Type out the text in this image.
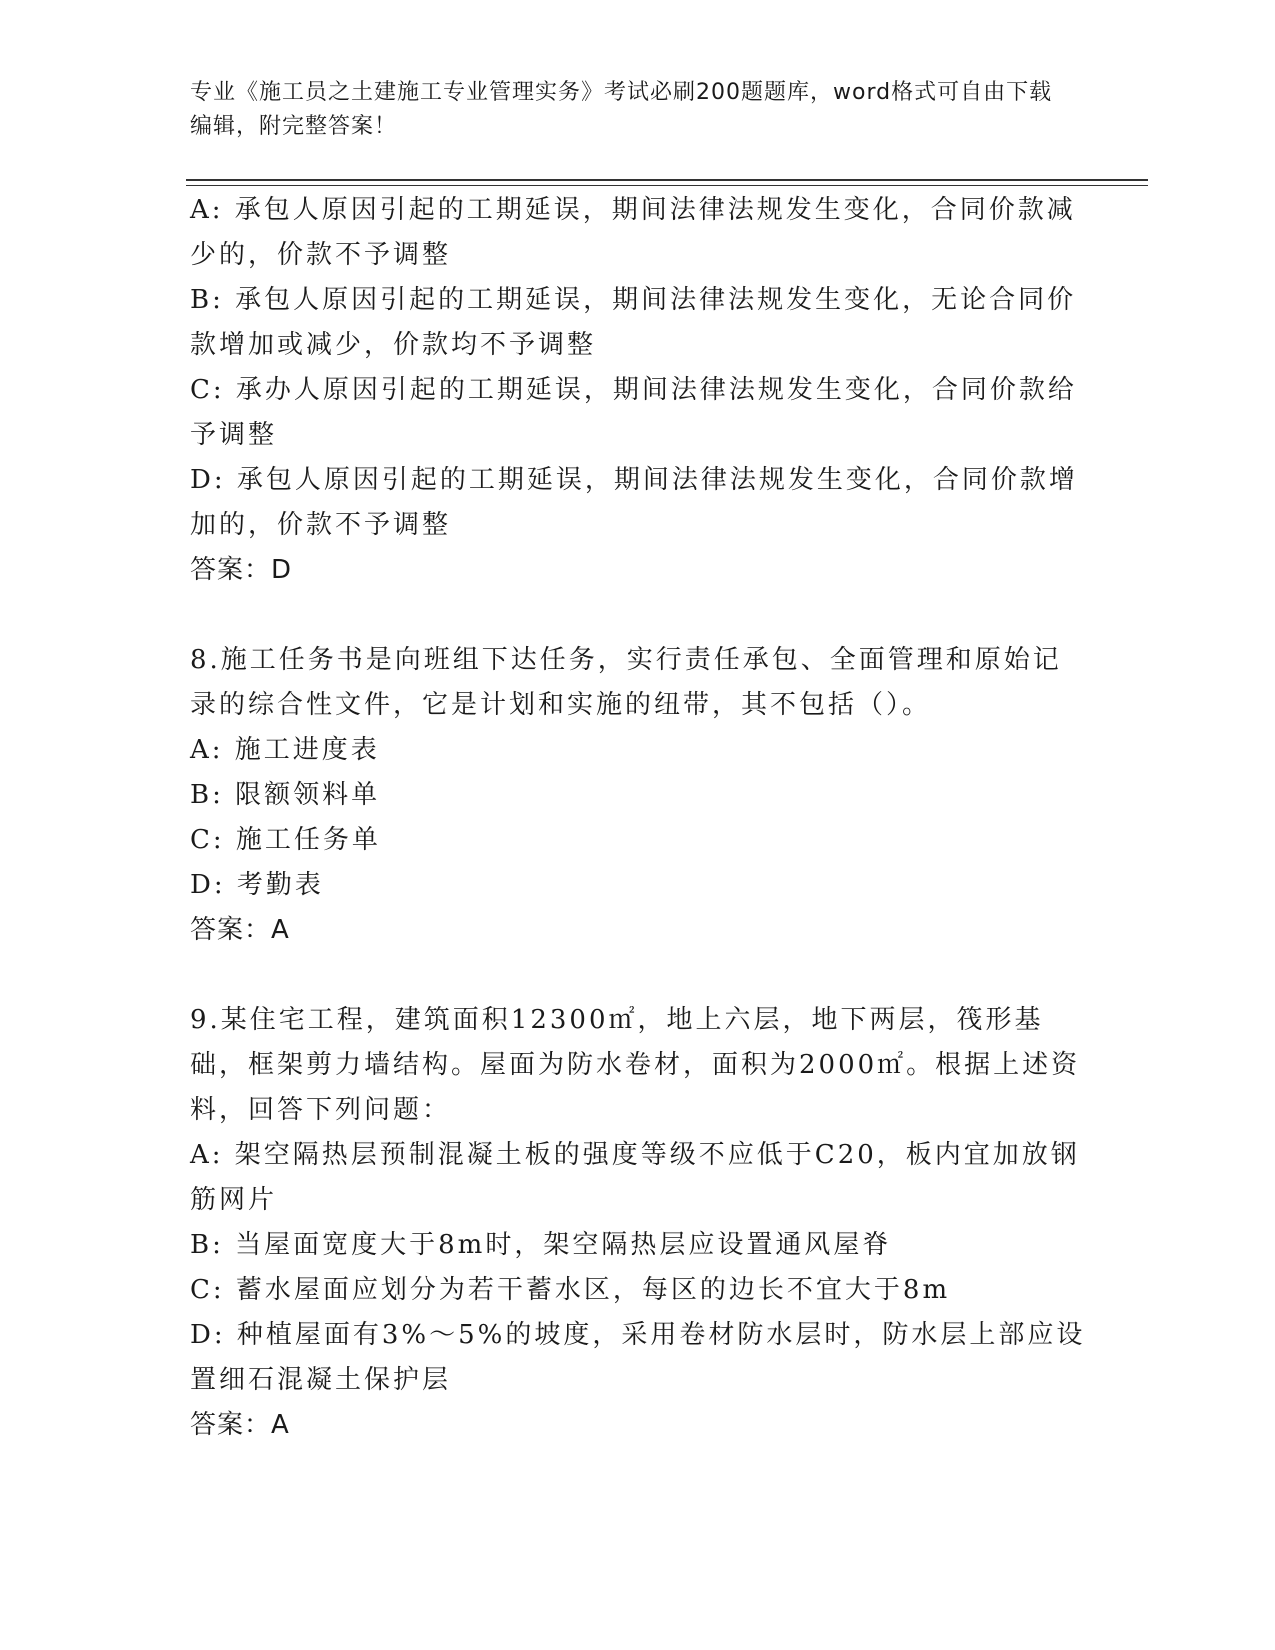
专业《施工员之土建施工专业管理实务》考试必刷200题题库，word格式可自由下载编辑，附完整答案！

A: 承包人原因引起的工期延误，期间法律法规发生变化，合同价款减少的，价款不予调整

B: 承包人原因引起的工期延误，期间法律法规发生变化，无论合同价款增加或减少，价款均不予调整

C: 承办人原因引起的工期延误，期间法律法规发生变化，合同价款给予调整

D: 承包人原因引起的工期延误，期间法律法规发生变化，合同价款增加的，价款不予调整

答案：D

8.施工任务书是向班组下达任务，实行责任承包、全面管理和原始记录的综合性文件，它是计划和实施的纽带，其不包括（）。

A: 施工进度表

B: 限额领料单

C: 施工任务单

D: 考勤表

答案：A

9.某住宅工程，建筑面积12300㎡，地上六层，地下两层，筏形基础，框架剪力墙结构。屋面为防水卷材，面积为2000㎡。根据上述资料，回答下列问题：

A: 架空隔热层预制混凝土板的强度等级不应低于C20，板内宜加放钢筋网片

B: 当屋面宽度大于8m时，架空隔热层应设置通风屋脊

C: 蓄水屋面应划分为若干蓄水区，每区的边长不宜大于8m

D: 种植屋面有3%～5%的坡度，采用卷材防水层时，防水层上部应设置细石混凝土保护层

答案：A
